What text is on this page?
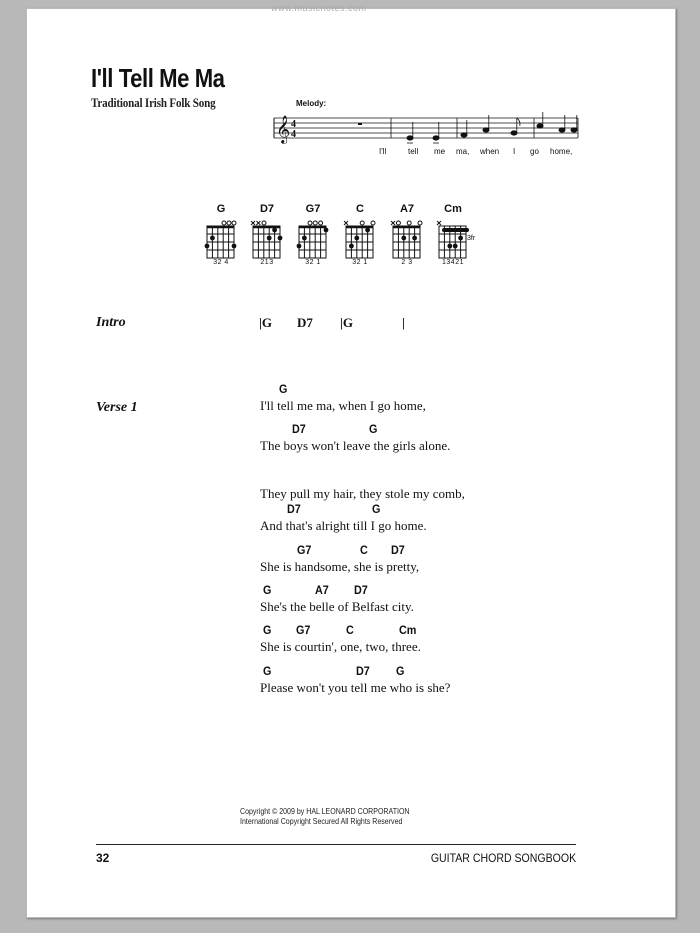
www.musicnotes.com
I'll Tell Me Ma
Traditional Irish Folk Song	Melody:
𝄞 4
4
I'll	tell me ma, when I go home,
G
32 4
D7
213
G7
32 1
C
32 1
A7
2 3
Cm
3fr
13421
Intro	|G D7 |G	|
Verse 1
G
I'll tell me ma, when I go home,
D7	G
The boys won't leave the girls alone.
They pull my hair, they stole my comb,
D7	G
And that's alright till I go home.
G7	C D7
She is handsome, she is pretty,
G	A7 D7
She's the belle of Belfast city.
G G7	C	Cm
She is courtin', one, two, three.
G	D7 G
Please won't you tell me who is she?
Copyright © 2009 by HAL LEONARD CORPORATION
International Copyright Secured All Rights Reserved
32	GUITAR CHORD SONGBOOK
